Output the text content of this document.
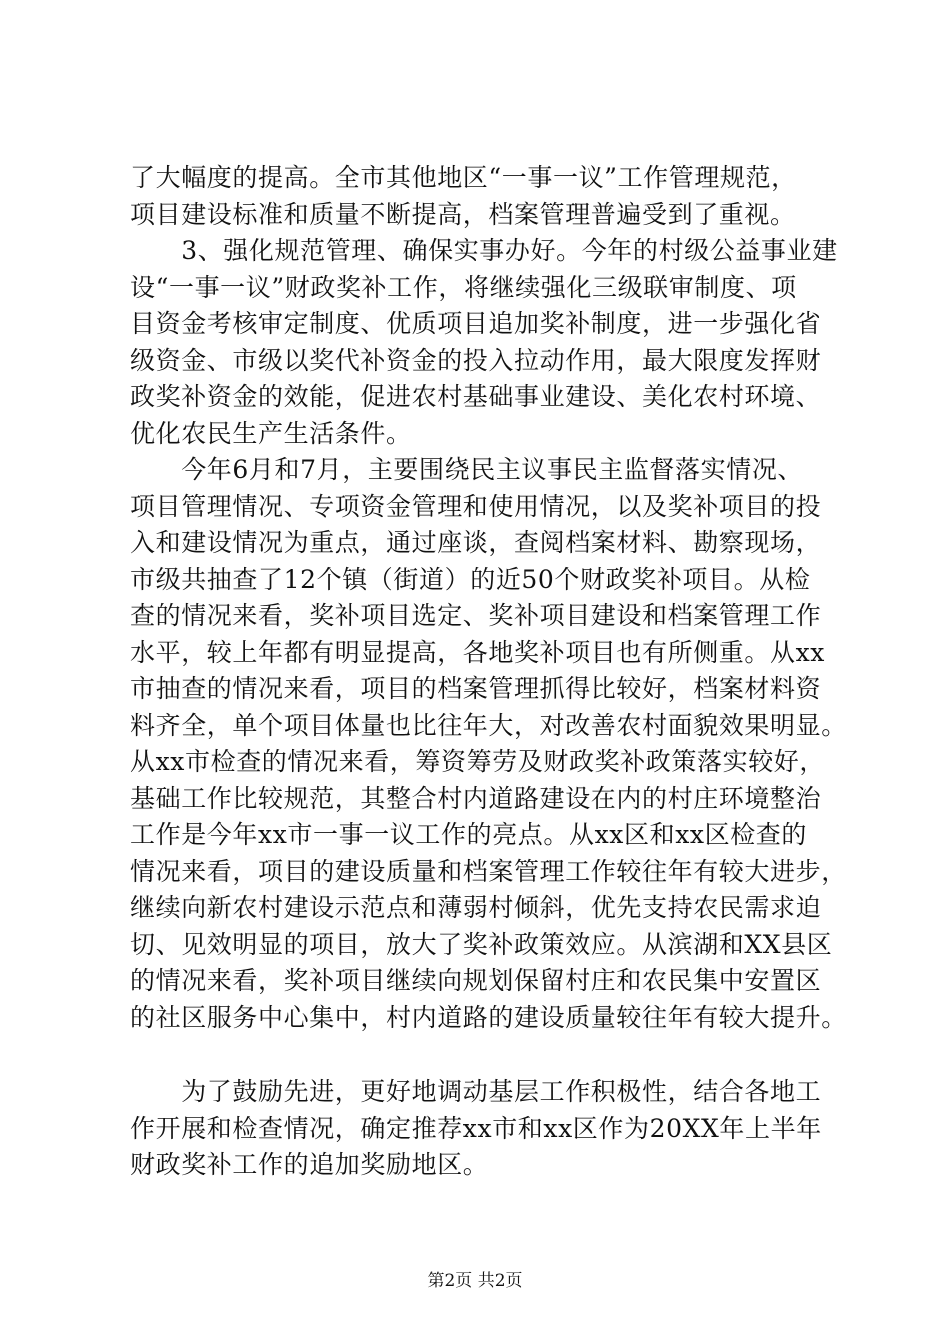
了大幅度的提高。全市其他地区“一事一议”工作管理规范，
项目建设标准和质量不断提高，档案管理普遍受到了重视。
　　3、强化规范管理、确保实事办好。今年的村级公益事业建
设“一事一议”财政奖补工作，将继续强化三级联审制度、项
目资金考核审定制度、优质项目追加奖补制度，进一步强化省
级资金、市级以奖代补资金的投入拉动作用，最大限度发挥财
政奖补资金的效能，促进农村基础事业建设、美化农村环境、
优化农民生产生活条件。
　　今年6月和7月，主要围绕民主议事民主监督落实情况、
项目管理情况、专项资金管理和使用情况，以及奖补项目的投
入和建设情况为重点，通过座谈，查阅档案材料、勘察现场，
市级共抽查了12个镇（街道）的近50个财政奖补项目。从检
查的情况来看，奖补项目选定、奖补项目建设和档案管理工作
水平，较上年都有明显提高，各地奖补项目也有所侧重。从xx
市抽查的情况来看，项目的档案管理抓得比较好，档案材料资
料齐全，单个项目体量也比往年大，对改善农村面貌效果明显。
从xx市检查的情况来看，筹资筹劳及财政奖补政策落实较好，
基础工作比较规范，其整合村内道路建设在内的村庄环境整治
工作是今年xx市一事一议工作的亮点。从xx区和xx区检查的
情况来看，项目的建设质量和档案管理工作较往年有较大进步，
继续向新农村建设示范点和薄弱村倾斜，优先支持农民需求迫
切、见效明显的项目，放大了奖补政策效应。从滨湖和XX县区
的情况来看，奖补项目继续向规划保留村庄和农民集中安置区
的社区服务中心集中，村内道路的建设质量较往年有较大提升。
　　为了鼓励先进，更好地调动基层工作积极性，结合各地工
作开展和检查情况，确定推荐xx市和xx区作为20XX年上半年
财政奖补工作的追加奖励地区。
第2页 共2页
